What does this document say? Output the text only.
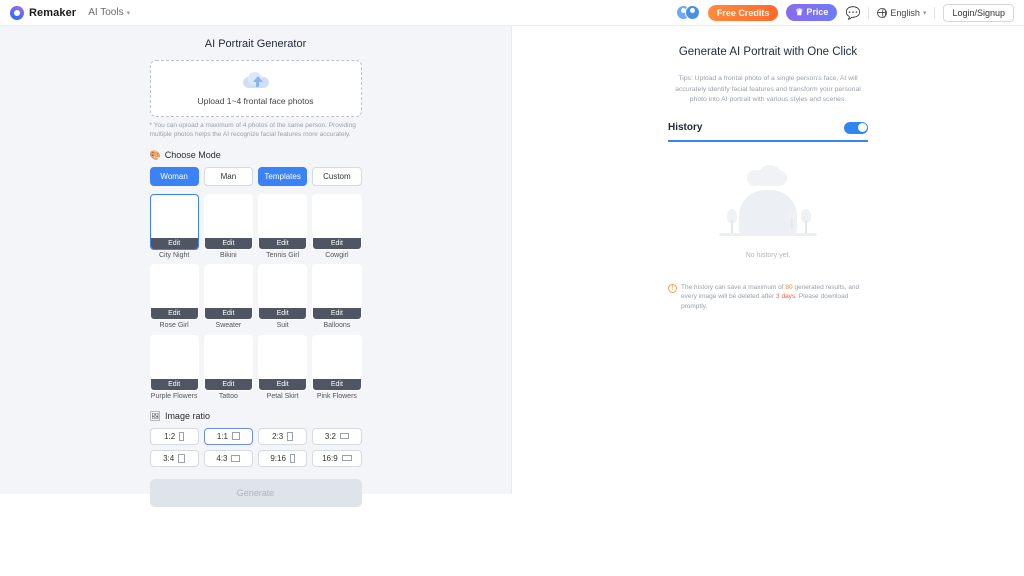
Remaker AI Tools ▾	Free Credits	♛ Price	💬	English ▾	Login/Signup
AI Portrait Generator
Upload 1~4 frontal face photos
* You can upload a maximum of 4 photos of the same person. Providing multiple photos helps the AI recognize facial features more accurately.
🎨 Choose Mode
Woman	Man	Templates	Custom
Edit
City Night
Edit
Bikini
Edit
Tennis Girl
Edit
Cowgirl
Edit
Rose Girl
Edit
Sweater
Edit
Suit
Edit
Balloons
Edit
Purple Flowers
Edit
Tattoo
Edit
Petal Skirt
Edit
Pink Flowers
🖼 Image ratio
1:2	1:1	2:3	3:2
3:4	4:3	9:16	16:9
Generate
Generate AI Portrait with One Click
Tips: Upload a frontal photo of a single person's face, AI will accurately identify facial features and transform your personal photo into AI portrait with various styles and scenes.
History
No history yet.
!	The history can save a maximum of 80 generated results, and every image will be deleted after 3 days. Please download promptly.
